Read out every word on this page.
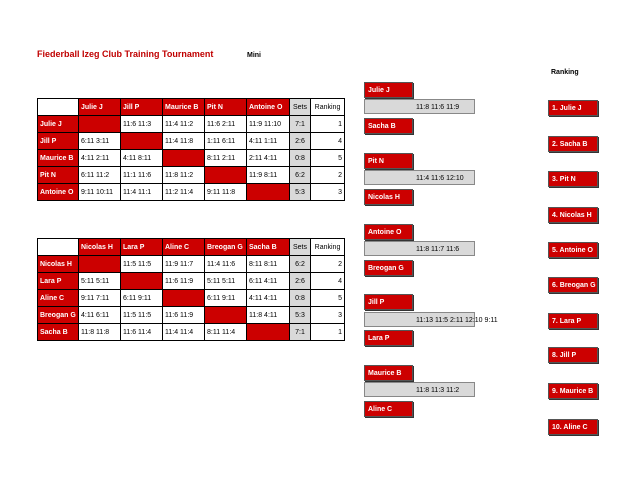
Fiederball Izeg Club Training Tournament	Mini
Ranking
	Julie J	Jill P	Maurice B	Pit N	Antoine O	Sets	Ranking
Julie J		11:6 11:3	11:4 11:2	11:6 2:11	11:9 11:10	7:1	1
Jill P	6:11 3:11		11:4 11:8	1:11 6:11	4:11 1:11	2:6	4
Maurice B	4:11 2:11	4:11 8:11		8:11 2:11	2:11 4:11	0:8	5
Pit N	6:11 11:2	11:1 11:6	11:8 11:2		11:9 8:11	6:2	2
Antoine O	9:11 10:11	11:4 11:1	11:2 11:4	9:11 11:8		5:3	3
	Nicolas H	Lara P	Aline C	Breogan G	Sacha B	Sets	Ranking
Nicolas H		11:5 11:5	11:9 11:7	11:4 11:6	8:11 8:11	6:2	2
Lara P	5:11 5:11		11:6 11:9	5:11 5:11	6:11 4:11	2:6	4
Aline C	9:11 7:11	6:11 9:11		6:11 9:11	4:11 4:11	0:8	5
Breogan G	4:11 6:11	11:5 11:5	11:6 11:9		11:8 4:11	5:3	3
Sacha B	11:8 11:8	11:6 11:4	11:4 11:4	8:11 11:4		7:1	1
Julie J
11:8 11:6 11:9
Sacha B
Pit N
11:4 11:6 12:10
Nicolas H
Antoine O
11:8 11:7 11:6
Breogan G
Jill P
11:13 11:5 2:11 12:10 9:11
Lara P
Maurice B
11:8 11:3 11:2
Aline C
1. Julie J
2. Sacha B
3. Pit N
4. Nicolas H
5. Antoine O
6. Breogan G
7. Lara P
8. Jill P
9. Maurice B
10. Aline C
